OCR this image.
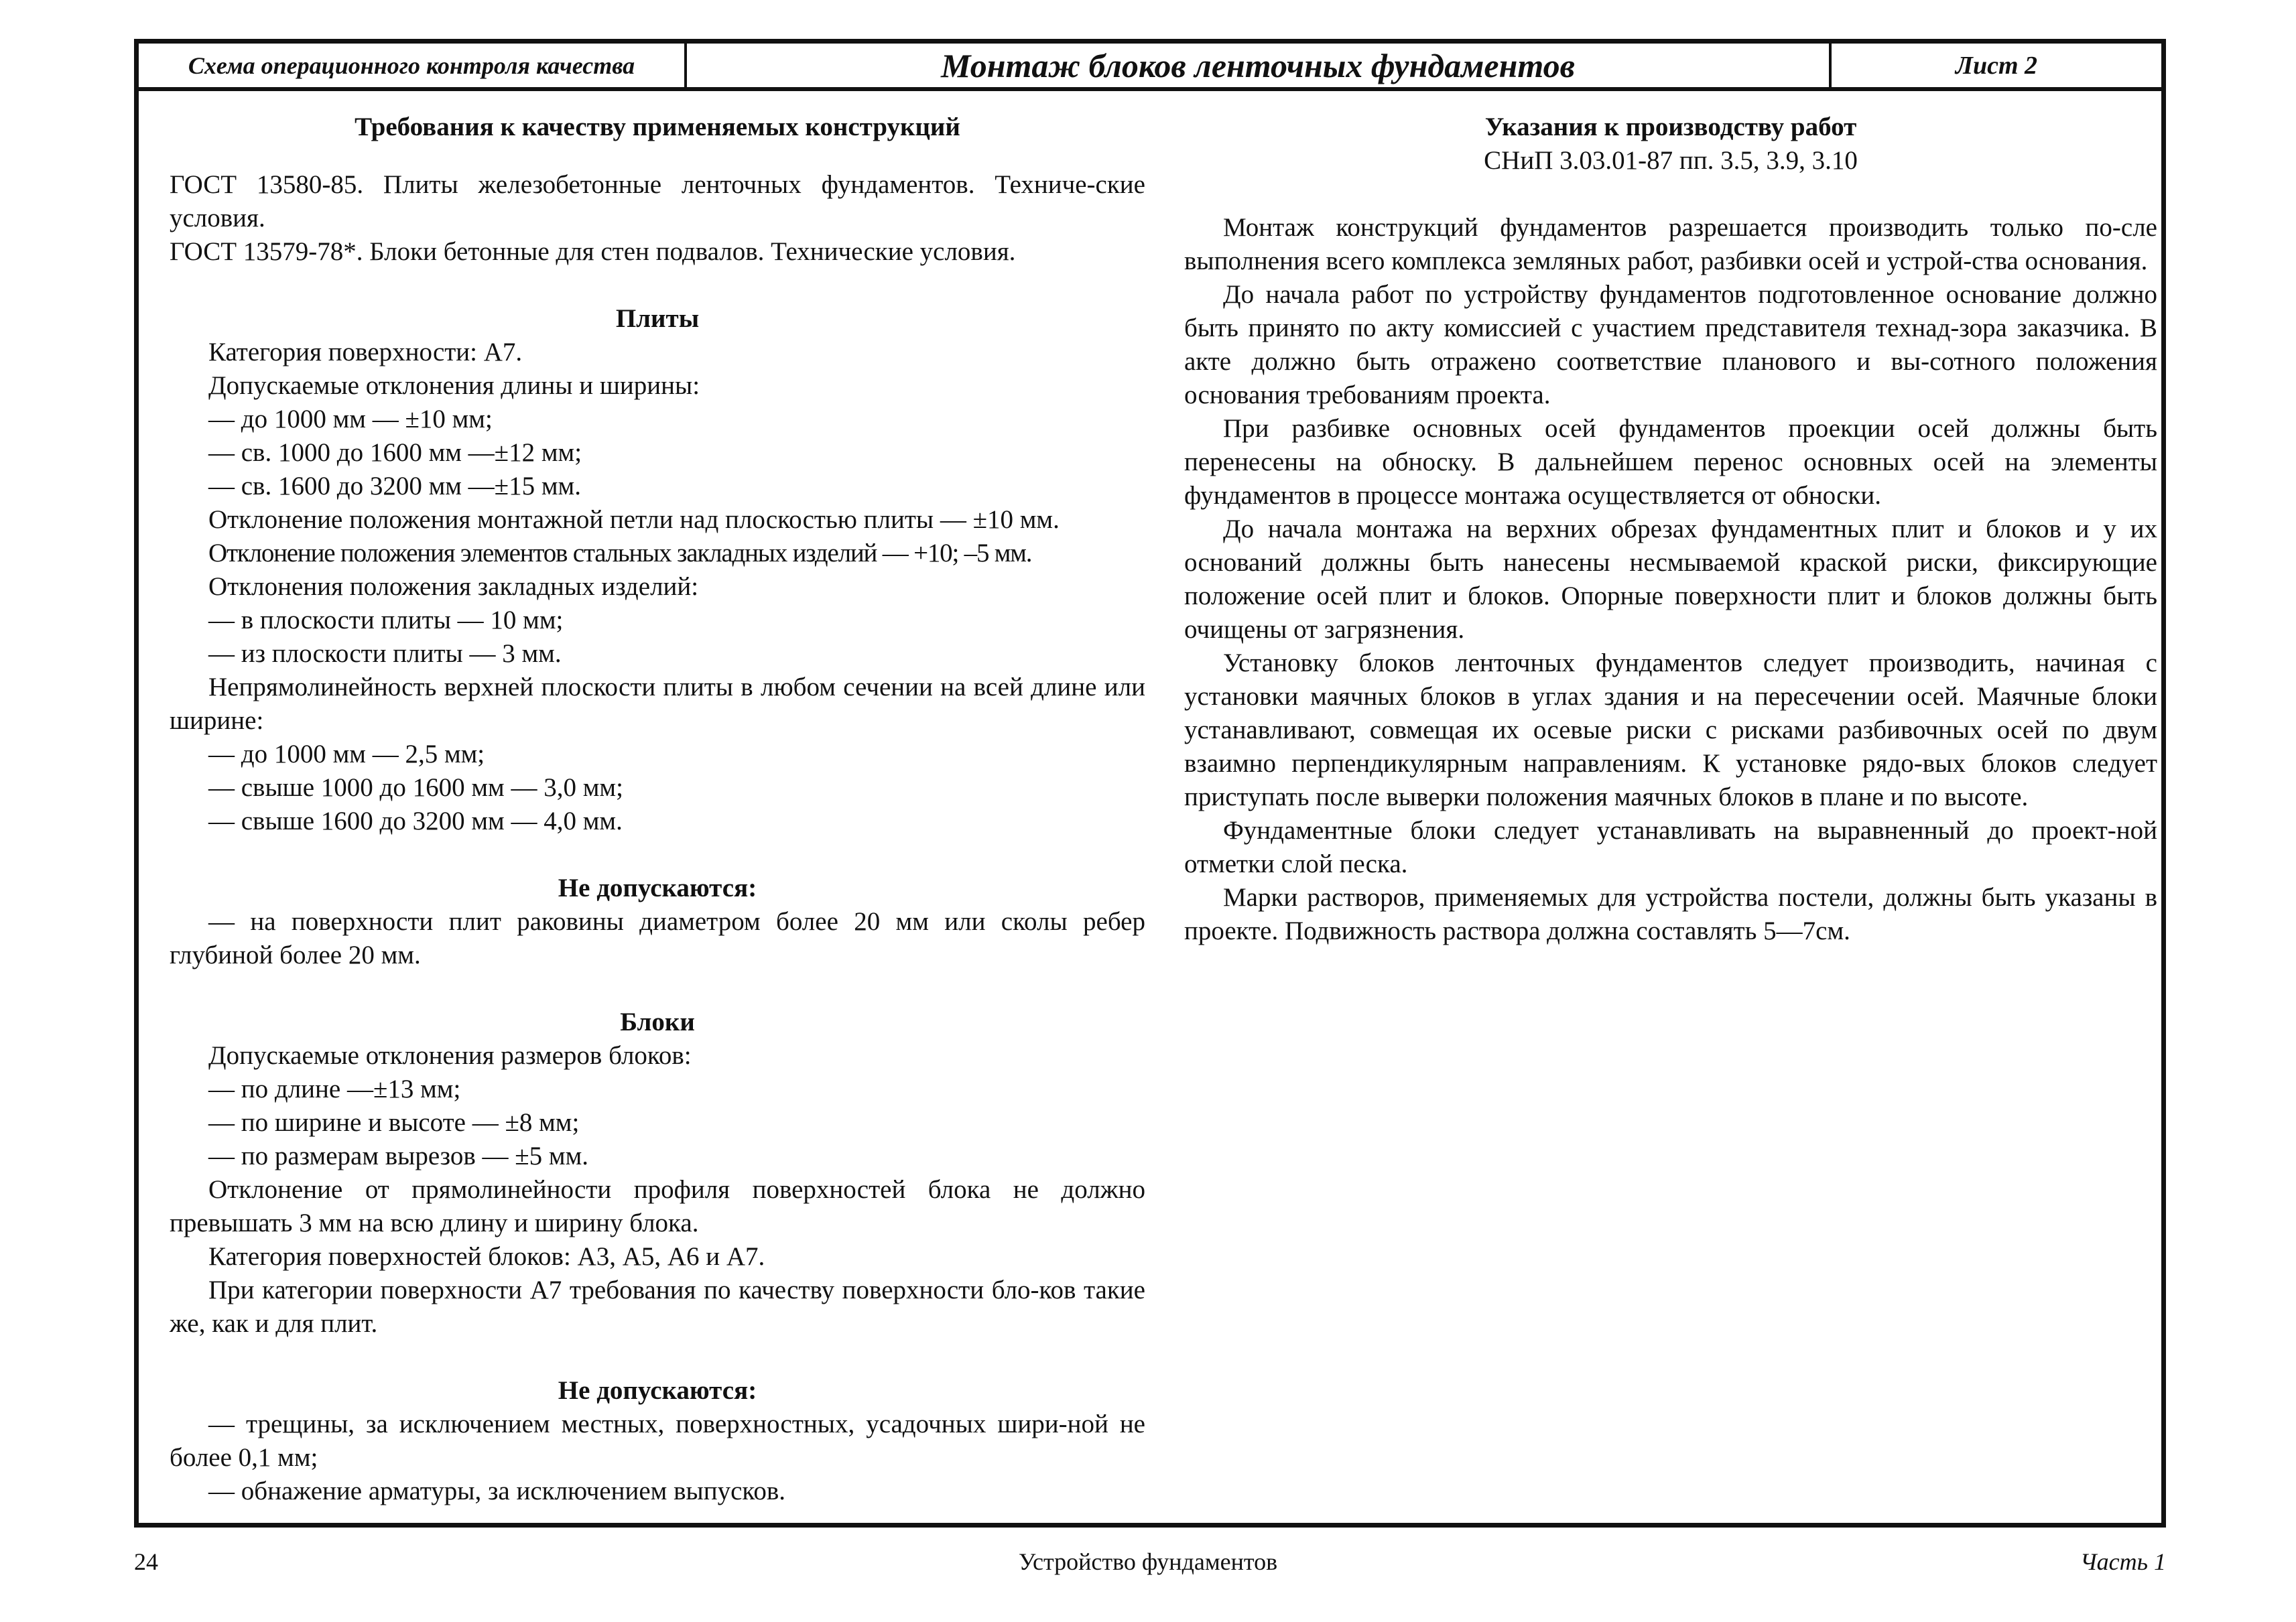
Схема операционного контроля качества	Монтаж блоков ленточных фундаментов	Лист 2

Требования к качеству применяемых конструкций

ГОСТ 13580-85. Плиты железобетонные ленточных фундаментов. Техниче-ские условия.

ГОСТ 13579-78*. Блоки бетонные для стен подвалов. Технические условия.

Плиты

Категория поверхности: А7.

Допускаемые отклонения длины и ширины:

— до 1000 мм — ±10 мм;

— св. 1000 до 1600 мм —±12 мм;

— св. 1600 до 3200 мм —±15 мм.

Отклонение положения монтажной петли над плоскостью плиты — ±10 мм.

Отклонение положения элементов стальных закладных изделий — +10; –5 мм.

Отклонения положения закладных изделий:

— в плоскости плиты — 10 мм;

— из плоскости плиты — 3 мм.

Непрямолинейность верхней плоскости плиты в любом сечении на всей длине или ширине:

— до 1000 мм — 2,5 мм;

— свыше 1000 до 1600 мм — 3,0 мм;

— свыше 1600 до 3200 мм — 4,0 мм.

Не допускаются:

— на поверхности плит раковины диаметром более 20 мм или сколы ребер глубиной более 20 мм.

Блоки

Допускаемые отклонения размеров блоков:

— по длине —±13 мм;

— по ширине и высоте — ±8 мм;

— по размерам вырезов — ±5 мм.

Отклонение от прямолинейности профиля поверхностей блока не должно превышать 3 мм на всю длину и ширину блока.

Категория поверхностей блоков: А3, А5, А6 и А7.

При категории поверхности А7 требования по качеству поверхности бло-ков такие же, как и для плит.

Не допускаются:

— трещины, за исключением местных, поверхностных, усадочных шири-ной не более 0,1 мм;

— обнажение арматуры, за исключением выпусков.

Указания к производству работ

СНиП 3.03.01-87 пп. 3.5, 3.9, 3.10

Монтаж конструкций фундаментов разрешается производить только по-сле выполнения всего комплекса земляных работ, разбивки осей и устрой-ства основания.

До начала работ по устройству фундаментов подготовленное основание должно быть принято по акту комиссией с участием представителя технад-зора заказчика. В акте должно быть отражено соответствие планового и вы-сотного положения основания требованиям проекта.

При разбивке основных осей фундаментов проекции осей должны быть перенесены на обноску. В дальнейшем перенос основных осей на элементы фундаментов в процессе монтажа осуществляется от обноски.

До начала монтажа на верхних обрезах фундаментных плит и блоков и у их оснований должны быть нанесены несмываемой краской риски, фиксирующие положение осей плит и блоков. Опорные поверхности плит и блоков должны быть очищены от загрязнения.

Установку блоков ленточных фундаментов следует производить, начиная с установки маячных блоков в углах здания и на пересечении осей. Маячные блоки устанавливают, совмещая их осевые риски с рисками разбивочных осей по двум взаимно перпендикулярным направлениям. К установке рядо-вых блоков следует приступать после выверки положения маячных блоков в плане и по высоте.

Фундаментные блоки следует устанавливать на выравненный до проект-ной отметки слой песка.

Марки растворов, применяемых для устройства постели, должны быть указаны в проекте. Подвижность раствора должна составлять 5—7см.

24	Устройство фундаментов	Часть 1
